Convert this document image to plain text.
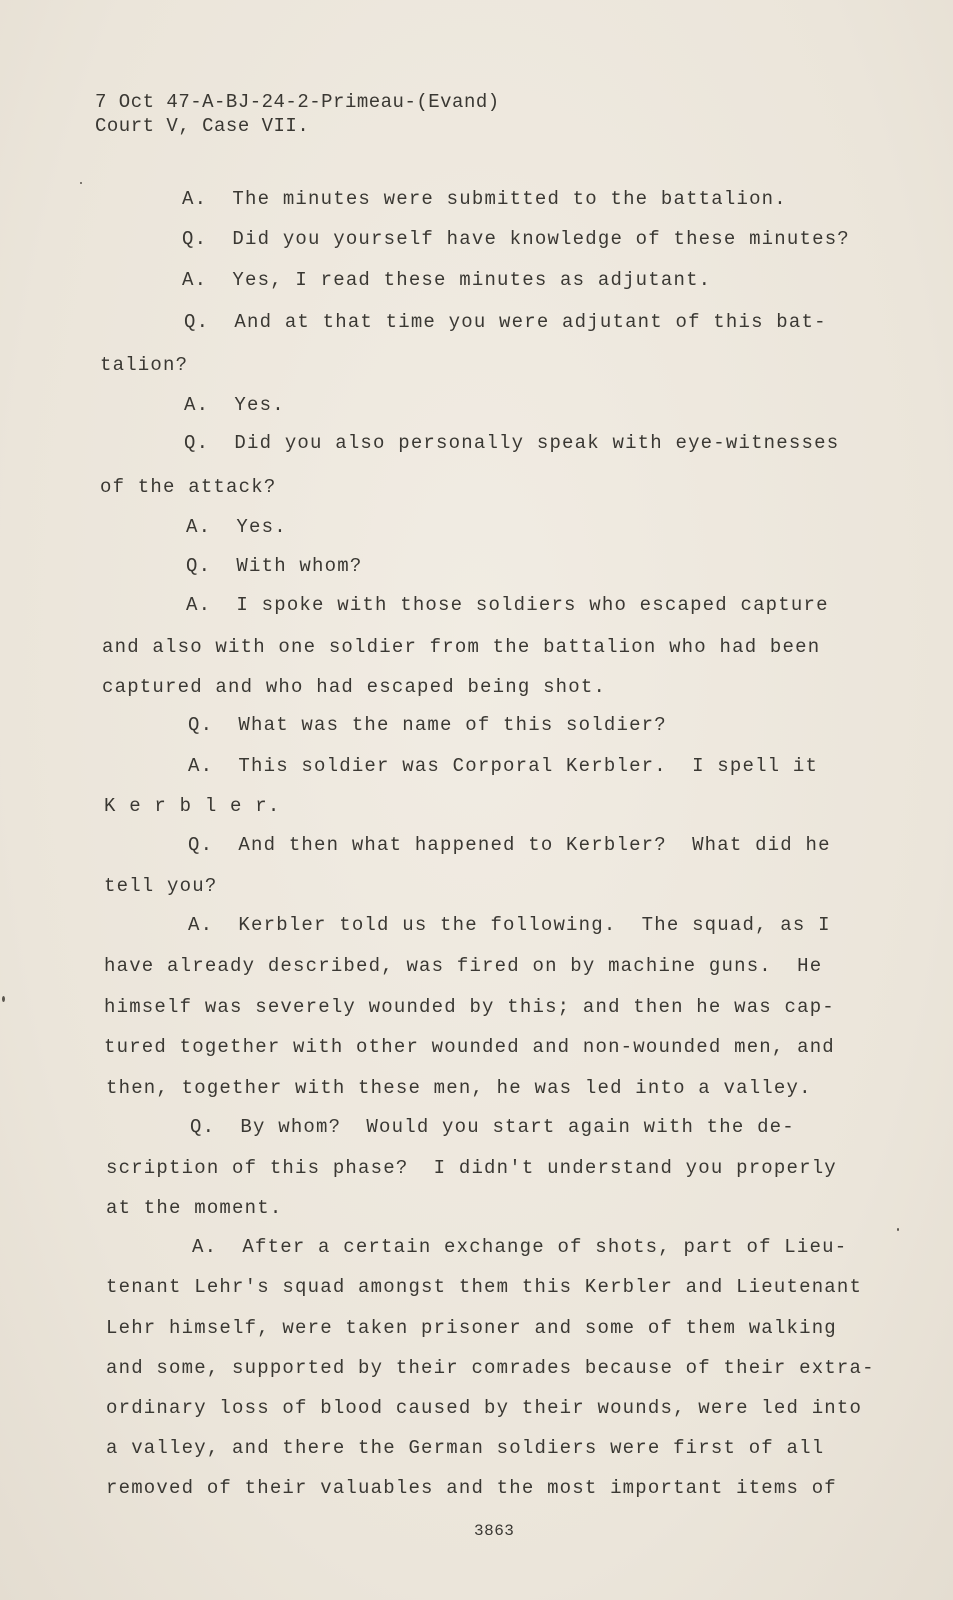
7 Oct 47-A-BJ-24-2-Primeau-(Evand)
Court V, Case VII.
A.  The minutes were submitted to the battalion.
Q.  Did you yourself have knowledge of these minutes?
A.  Yes, I read these minutes as adjutant.
Q.  And at that time you were adjutant of this bat-
talion?
A.  Yes.
Q.  Did you also personally speak with eye-witnesses
of the attack?
A.  Yes.
Q.  With whom?
A.  I spoke with those soldiers who escaped capture
and also with one soldier from the battalion who had been
captured and who had escaped being shot.
Q.  What was the name of this soldier?
A.  This soldier was Corporal Kerbler.  I spell it
K e r b l e r.
Q.  And then what happened to Kerbler?  What did he
tell you?
A.  Kerbler told us the following.  The squad, as I
have already described, was fired on by machine guns.  He
himself was severely wounded by this; and then he was cap-
tured together with other wounded and non-wounded men, and
then, together with these men, he was led into a valley.
Q.  By whom?  Would you start again with the de-
scription of this phase?  I didn't understand you properly
at the moment.
A.  After a certain exchange of shots, part of Lieu-
tenant Lehr's squad amongst them this Kerbler and Lieutenant
Lehr himself, were taken prisoner and some of them walking
and some, supported by their comrades because of their extra-
ordinary loss of blood caused by their wounds, were led into
a valley, and there the German soldiers were first of all
removed of their valuables and the most important items of
3863
